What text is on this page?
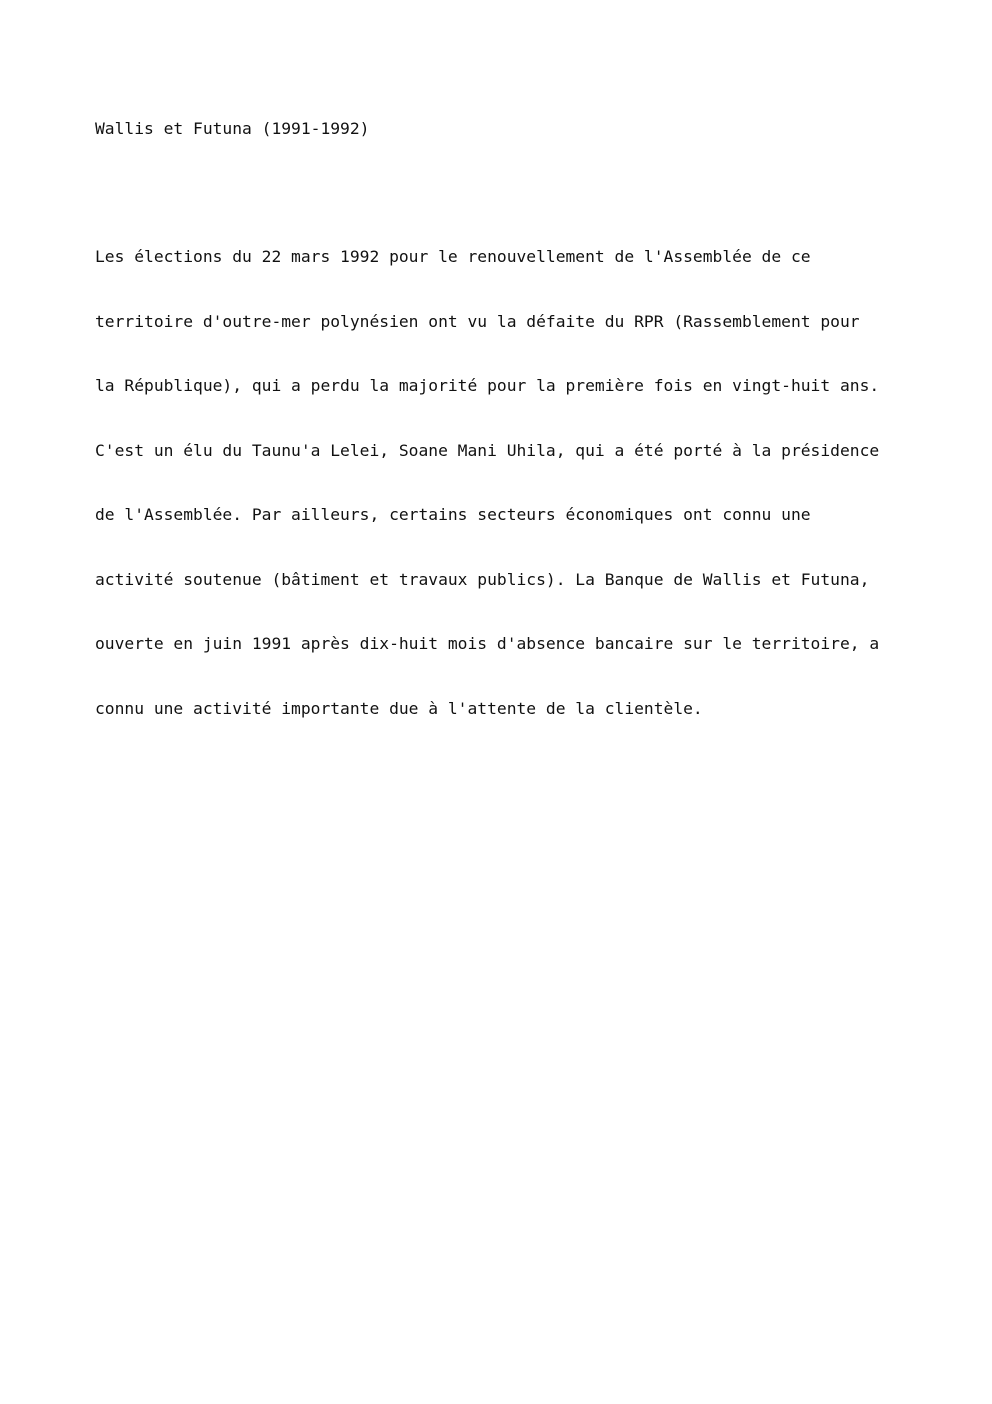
Wallis et Futuna (1991-1992)

Les élections du 22 mars 1992 pour le renouvellement de l'Assemblée de ce

territoire d'outre-mer polynésien ont vu la défaite du RPR (Rassemblement pour

la République), qui a perdu la majorité pour la première fois en vingt-huit ans.

C'est un élu du Taunu'a Lelei, Soane Mani Uhila, qui a été porté à la présidence

de l'Assemblée. Par ailleurs, certains secteurs économiques ont connu une

activité soutenue (bâtiment et travaux publics). La Banque de Wallis et Futuna,

ouverte en juin 1991 après dix-huit mois d'absence bancaire sur le territoire, a

connu une activité importante due à l'attente de la clientèle.
